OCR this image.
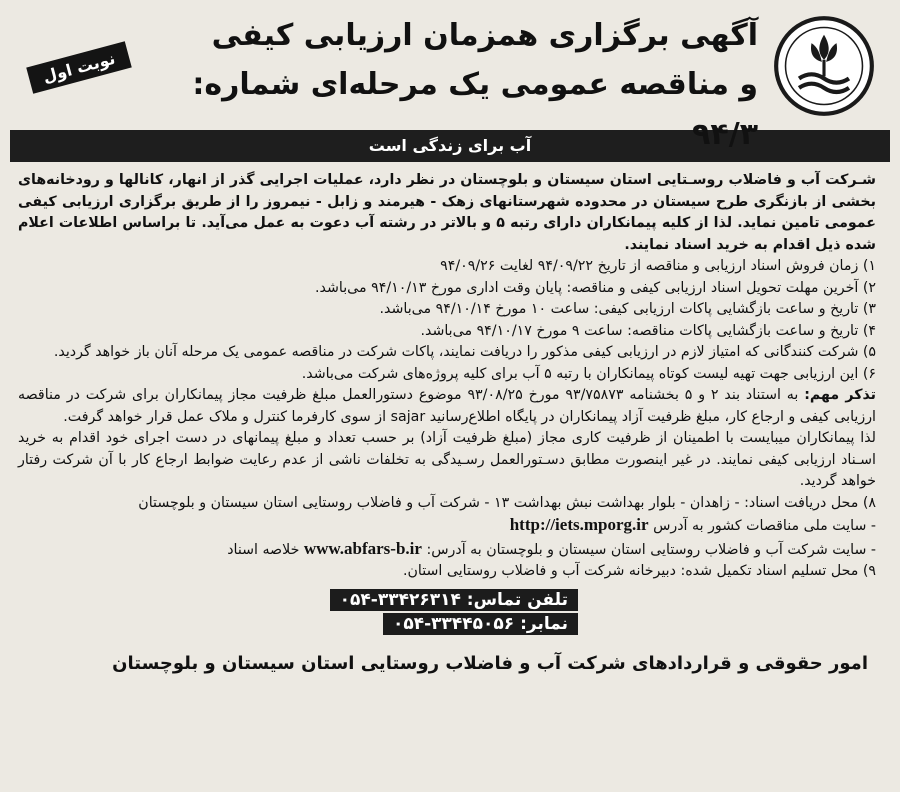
آگهی برگزاری همزمان ارزیابی کیفی
و مناقصه عمومی یک مرحله‌ای شماره: ۹۴/۳
نوبت اول
آب برای زندگی است

شـرکت آب و فاضلاب روسـتایی استان سیستان و بلوچستان در نظر دارد، عملیات اجرایی گذر از انهار، کانالها و رودخانه‌های بخشی از بازنگری طرح سیستان در محدوده شهرستانهای زهک - هیرمند و زابل - نیمروز را از طریق برگزاری ارزیابی کیفی عمومی تامین نماید. لذا از کلیه پیمانکاران دارای رتبه ۵ و بالاتر در رشته آب دعوت به عمل می‌آید. تا براساس اطلاعات اعلام شده ذیل اقدام به خرید اسناد نمایند.

۱) زمان فروش اسناد ارزیابی و مناقصه از تاریخ ۹۴/۰۹/۲۲ لغایت ۹۴/۰۹/۲۶

۲) آخرین مهلت تحویل اسناد ارزیابی کیفی و مناقصه: پایان وقت اداری مورخ ۹۴/۱۰/۱۳ می‌باشد.

۳) تاریخ و ساعت بازگشایی پاکات ارزیابی کیفی: ساعت ۱۰ مورخ ۹۴/۱۰/۱۴ می‌باشد.

۴) تاریخ و ساعت بازگشایی پاکات مناقصه: ساعت ۹ مورخ ۹۴/۱۰/۱۷ می‌باشد.

۵) شرکت کنندگانی که امتیاز لازم در ارزیابی کیفی مذکور را دریافت نمایند، پاکات شرکت در مناقصه عمومی یک مرحله آنان باز خواهد گردید.

۶) این ارزیابی جهت تهیه لیست کوتاه پیمانکاران با رتبه ۵ آب برای کلیه پروژه‌های شرکت می‌باشد.

تذکر مهم: به استناد بند ۲ و ۵ بخشنامه ۹۳/۷۵۸۷۳ مورخ ۹۳/۰۸/۲۵ موضوع دستورالعمل مبلغ ظرفیت مجاز پیمانکاران برای شرکت در مناقصه ارزیابی کیفی و ارجاع کار، مبلغ ظرفیت آزاد پیمانکاران در پایگاه اطلاع‌رسانید sajar از سوی کارفرما کنترل و ملاک عمل قرار خواهد گرفت.

لذا پیمانکاران میبایست با اطمینان از ظرفیت کاری مجاز (مبلغ ظرفیت آزاد) بر حسب تعداد و مبلغ پیمانهای در دست اجرای خود اقدام به خرید اسـناد ارزیابی کیفی نمایند. در غیر اینصورت مطابق دسـتورالعمل رسـیدگی به تخلفات ناشی از عدم رعایت ضوابط ارجاع کار با آن شرکت رفتار خواهد گردید.

۸) محل دریافت اسناد: - زاهدان - بلوار بهداشت نبش بهداشت ۱۳ - شرکت آب و فاضلاب روستایی استان سیستان و بلوچستان

- سایت ملی مناقصات کشور به آدرس http://iets.mporg.ir

- سایت شرکت آب و فاضلاب روستایی استان سیستان و بلوچستان به آدرس: www.abfars-b.ir خلاصه اسناد

۹) محل تسلیم اسناد تکمیل شده: دبیرخانه شرکت آب و فاضلاب روستایی استان.

تلفن تماس: ۳۳۴۲۶۳۱۴-۰۵۴
نمابر: ۳۳۴۴۵۰۵۶-۰۵۴
امور حقوقی و قراردادهای شرکت آب و فاضلاب روستایی استان سیستان و بلوچستان
